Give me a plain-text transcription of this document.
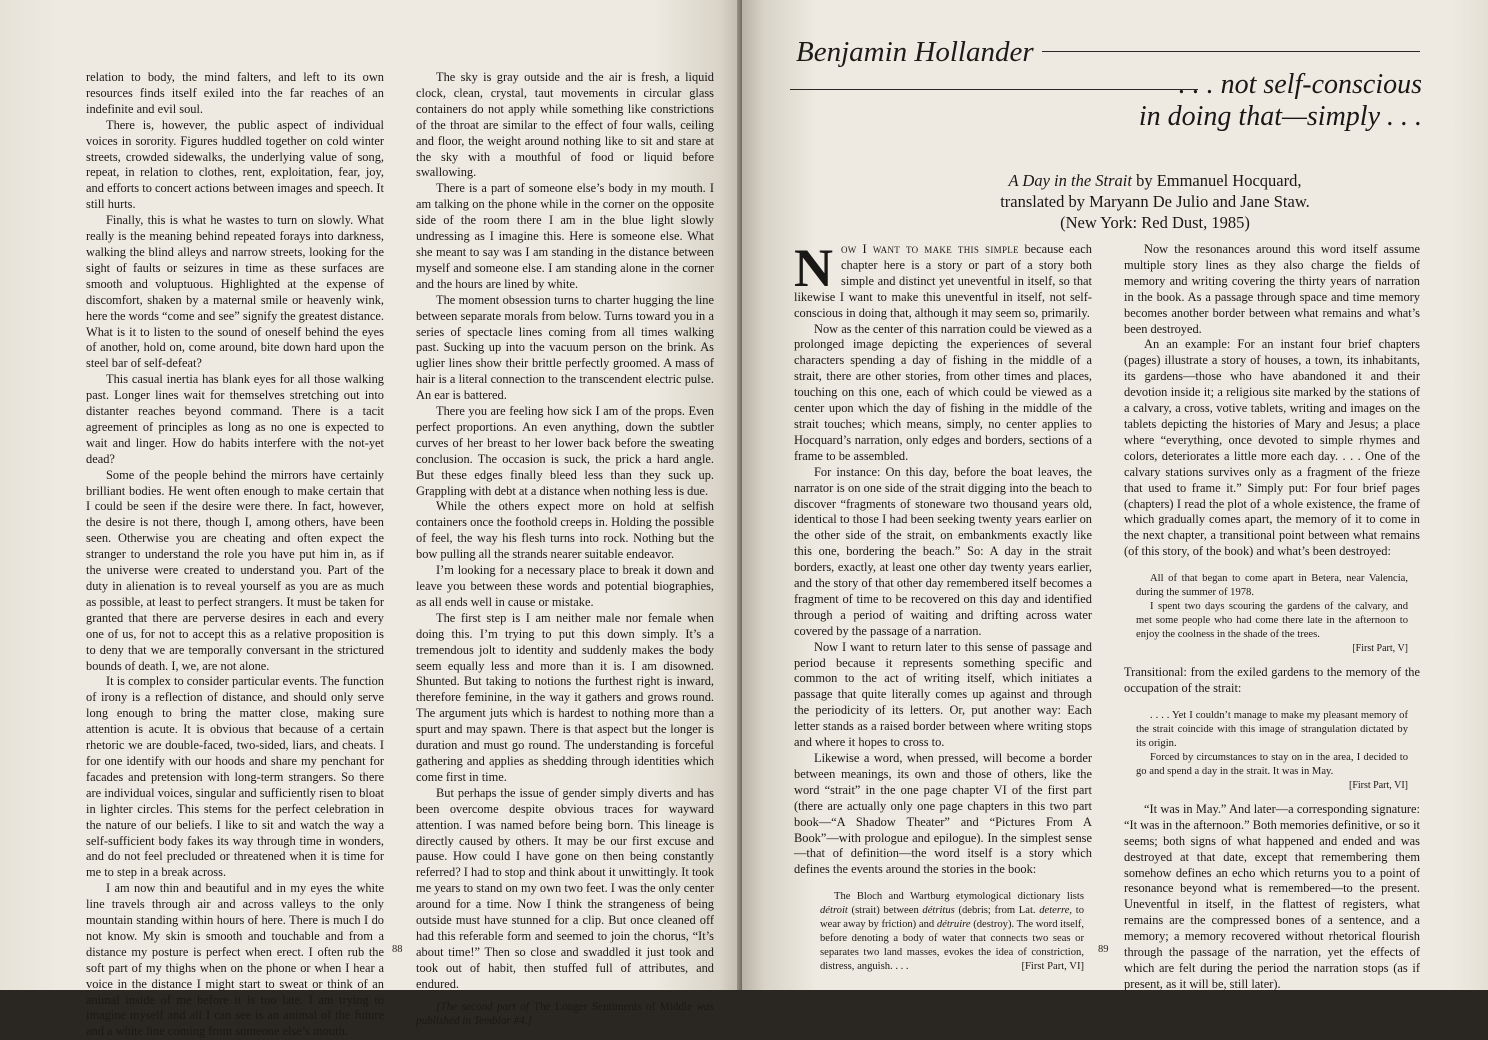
relation to body, the mind falters, and left to its own resources finds itself exiled into the far reaches of an indefinite and evil soul.

There is, however, the public aspect of individual voices in sorority. Figures huddled together on cold winter streets, crowded sidewalks, the underlying value of song, repeat, in relation to clothes, rent, exploitation, fear, joy, and efforts to concert actions between images and speech. It still hurts.

Finally, this is what he wastes to turn on slowly. What really is the meaning behind repeated forays into darkness, walking the blind alleys and narrow streets, looking for the sight of faults or seizures in time as these surfaces are smooth and voluptuous. Highlighted at the expense of discomfort, shaken by a maternal smile or heavenly wink, here the words “come and see” signify the greatest distance. What is it to listen to the sound of oneself behind the eyes of another, hold on, come around, bite down hard upon the steel bar of self-defeat?

This casual inertia has blank eyes for all those walking past. Longer lines wait for themselves stretching out into distanter reaches beyond command. There is a tacit agreement of principles as long as no one is expected to wait and linger. How do habits interfere with the not-yet dead?

Some of the people behind the mirrors have certainly brilliant bodies. He went often enough to make certain that I could be seen if the desire were there. In fact, however, the desire is not there, though I, among others, have been seen. Otherwise you are cheating and often expect the stranger to understand the role you have put him in, as if the universe were created to understand you. Part of the duty in alienation is to reveal yourself as you are as much as possible, at least to perfect strangers. It must be taken for granted that there are perverse desires in each and every one of us, for not to accept this as a relative proposition is to deny that we are temporally conversant in the strictured bounds of death. I, we, are not alone.

It is complex to consider particular events. The function of irony is a reflection of distance, and should only serve long enough to bring the matter close, making sure attention is acute. It is obvious that because of a certain rhetoric we are double-faced, two-sided, liars, and cheats. I for one identify with our hoods and share my penchant for facades and pretension with long-term strangers. So there are individual voices, singular and sufficiently risen to bloat in lighter circles. This stems for the perfect celebration in the nature of our beliefs. I like to sit and watch the way a self-sufficient body fakes its way through time in wonders, and do not feel precluded or threatened when it is time for me to step in a break across.

I am now thin and beautiful and in my eyes the white line travels through air and across valleys to the only mountain standing within hours of here. There is much I do not know. My skin is smooth and touchable and from a distance my posture is perfect when erect. I often rub the soft part of my thighs when on the phone or when I hear a voice in the distance I might start to sweat or think of an animal inside of me before it is too late. I am trying to imagine myself and all I can see is an animal of the future and a white line coming from someone else’s mouth.

The sky is gray outside and the air is fresh, a liquid clock, clean, crystal, taut movements in circular glass containers do not apply while something like constrictions of the throat are similar to the effect of four walls, ceiling and floor, the weight around nothing like to sit and stare at the sky with a mouthful of food or liquid before swallowing.

There is a part of someone else’s body in my mouth. I am talking on the phone while in the corner on the opposite side of the room there I am in the blue light slowly undressing as I imagine this. Here is someone else. What she meant to say was I am standing in the distance between myself and someone else. I am standing alone in the corner and the hours are lined by white.

The moment obsession turns to charter hugging the line between separate morals from below. Turns toward you in a series of spectacle lines coming from all times walking past. Sucking up into the vacuum person on the brink. As uglier lines show their brittle perfectly groomed. A mass of hair is a literal connection to the transcendent electric pulse. An ear is battered.

There you are feeling how sick I am of the props. Even perfect proportions. An even anything, down the subtler curves of her breast to her lower back before the sweating conclusion. The occasion is suck, the prick a hard angle. But these edges finally bleed less than they suck up. Grappling with debt at a distance when nothing less is due.

While the others expect more on hold at selfish containers once the foothold creeps in. Holding the possible of feel, the way his flesh turns into rock. Nothing but the bow pulling all the strands nearer suitable endeavor.

I’m looking for a necessary place to break it down and leave you between these words and potential biographies, as all ends well in cause or mistake.

The first step is I am neither male nor female when doing this. I’m trying to put this down simply. It’s a tremendous jolt to identity and suddenly makes the body seem equally less and more than it is. I am disowned. Shunted. But taking to notions the furthest right is inward, therefore feminine, in the way it gathers and grows round. The argument juts which is hardest to nothing more than a spurt and may spawn. There is that aspect but the longer is duration and must go round. The understanding is forceful gathering and applies as shedding through identities which come first in time.

But perhaps the issue of gender simply diverts and has been overcome despite obvious traces for wayward attention. I was named before being born. This lineage is directly caused by others. It may be our first excuse and pause. How could I have gone on then being constantly referred? I had to stop and think about it unwittingly. It took me years to stand on my own two feet. I was the only center around for a time. Now I think the strangeness of being outside must have stunned for a clip. But once cleaned off had this referable form and seemed to join the chorus, “It’s about time!” Then so close and swaddled it just took and took out of habit, then stuffed full of attributes, and endured.

[The second part of The Longer Sentiments of Middle was published in Temblor #4.]

88
Benjamin Hollander
. . . not self-conscious
in doing that—simply . . .
A Day in the Strait by Emmanuel Hocquard,
translated by Maryann De Julio and Jane Staw.
(New York: Red Dust, 1985)

Now I want to make this simple because each chapter here is a story or part of a story both simple and distinct yet uneventful in itself, so that likewise I want to make this uneventful in itself, not self-conscious in doing that, although it may seem so, primarily.

Now as the center of this narration could be viewed as a prolonged image depicting the experiences of several characters spending a day of fishing in the middle of a strait, there are other stories, from other times and places, touching on this one, each of which could be viewed as a center upon which the day of fishing in the middle of the strait touches; which means, simply, no center applies to Hocquard’s narration, only edges and borders, sections of a frame to be assembled.

For instance: On this day, before the boat leaves, the narrator is on one side of the strait digging into the beach to discover “fragments of stoneware two thousand years old, identical to those I had been seeking twenty years earlier on the other side of the strait, on embankments exactly like this one, bordering the beach.” So: A day in the strait borders, exactly, at least one other day twenty years earlier, and the story of that other day remembered itself becomes a fragment of time to be recovered on this day and identified through a period of waiting and drifting across water covered by the passage of a narration.

Now I want to return later to this sense of passage and period because it represents something specific and common to the act of writing itself, which initiates a passage that quite literally comes up against and through the periodicity of its letters. Or, put another way: Each letter stands as a raised border between where writing stops and where it hopes to cross to.

Likewise a word, when pressed, will become a border between meanings, its own and those of others, like the word “strait” in the one page chapter VI of the first part (there are actually only one page chapters in this two part book—“A Shadow Theater” and “Pictures From A Book”—with prologue and epilogue). In the simplest sense—that of definition—the word itself is a story which defines the events around the stories in the book:

The Bloch and Wartburg etymological dictionary lists détroit (strait) between détritus (debris; from Lat. deterre, to wear away by friction) and détruire (destroy). The word itself, before denoting a body of water that connects two seas or separates two land masses, evokes the idea of constriction, distress, anguish. . . .	[First Part, VI]

Now the resonances around this word itself assume multiple story lines as they also charge the fields of memory and writing covering the thirty years of narration in the book. As a passage through space and time memory becomes another border between what remains and what’s been destroyed.

An an example: For an instant four brief chapters (pages) illustrate a story of houses, a town, its inhabitants, its gardens—those who have abandoned it and their devotion inside it; a religious site marked by the stations of a calvary, a cross, votive tablets, writing and images on the tablets depicting the histories of Mary and Jesus; a place where “everything, once devoted to simple rhymes and colors, deteriorates a little more each day. . . . One of the calvary stations survives only as a fragment of the frieze that used to frame it.” Simply put: For four brief pages (chapters) I read the plot of a whole existence, the frame of which gradually comes apart, the memory of it to come in the next chapter, a transitional point between what remains (of this story, of the book) and what’s been destroyed:

All of that began to come apart in Betera, near Valencia, during the summer of 1978.

I spent two days scouring the gardens of the calvary, and met some people who had come there late in the afternoon to enjoy the coolness in the shade of the trees.

[First Part, V]

Transitional: from the exiled gardens to the memory of the occupation of the strait:

. . . . Yet I couldn’t manage to make my pleasant memory of the strait coincide with this image of strangulation dictated by its origin.

Forced by circumstances to stay on in the area, I decided to go and spend a day in the strait. It was in May.

[First Part, VI]

“It was in May.” And later—a corresponding signature: “It was in the afternoon.” Both memories definitive, or so it seems; both signs of what happened and ended and was destroyed at that date, except that remembering them somehow defines an echo which returns you to a point of resonance beyond what is remembered—to the present. Uneventful in itself, in the flattest of registers, what remains are the compressed bones of a sentence, and a memory; a memory recovered without rhetorical flourish through the passage of the narration, yet the effects of which are felt during the period the narration stops (as if present, as it will be, still later).

89
